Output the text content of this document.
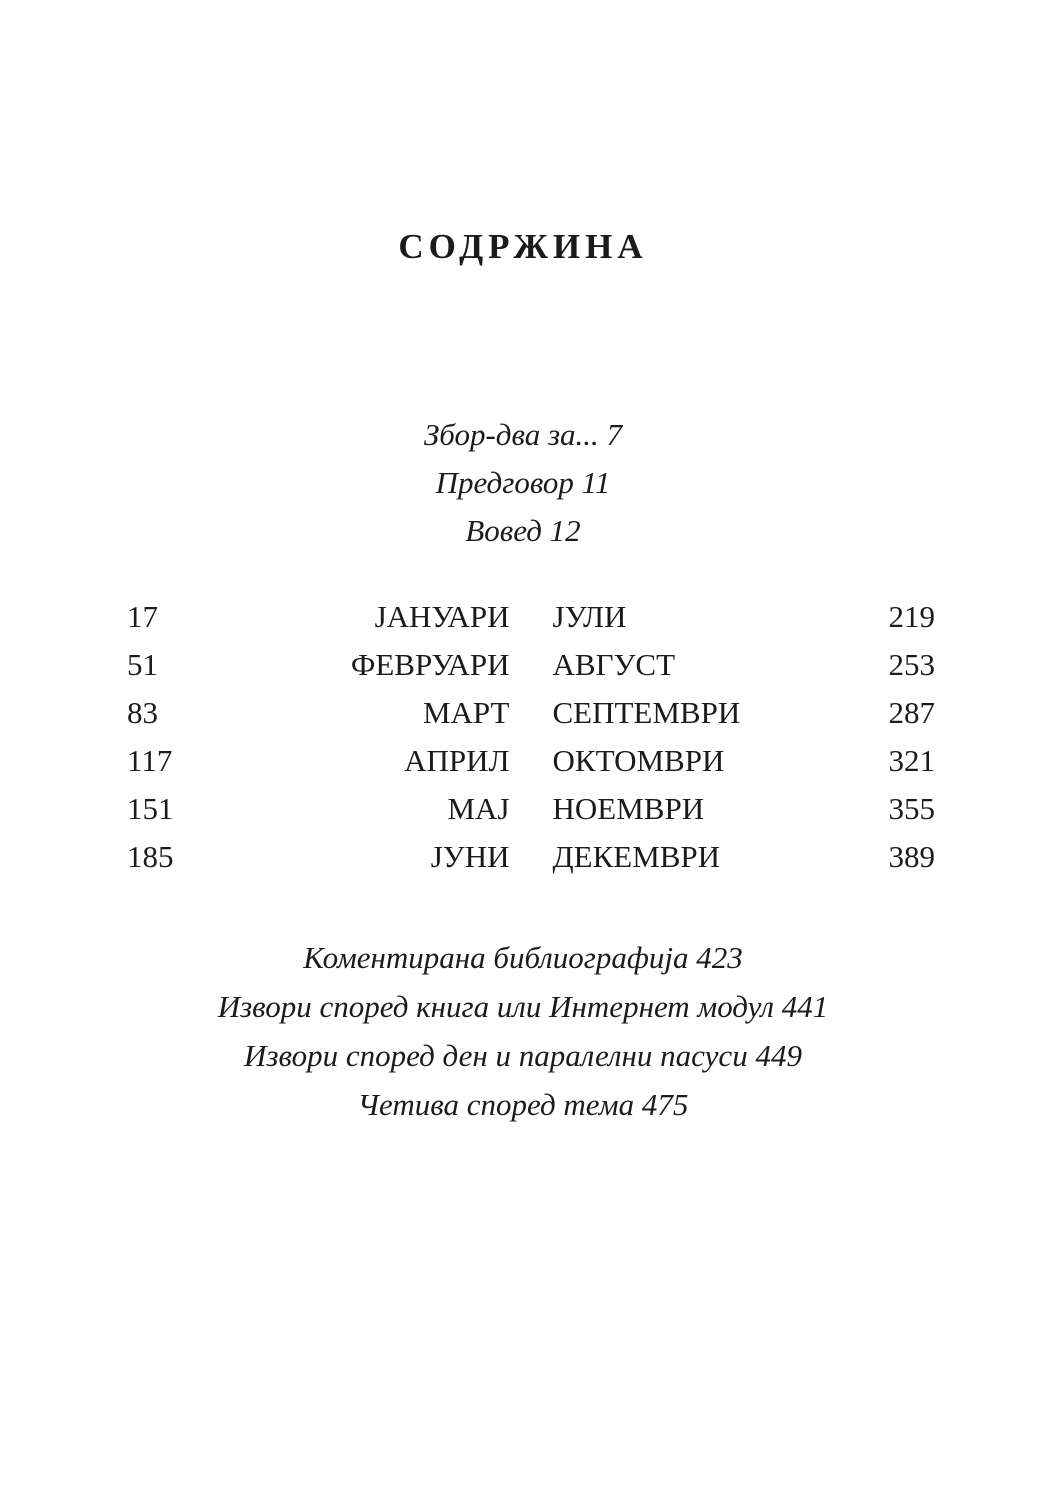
СОДРЖИНА
Збор-два за... 7
Предговор 11
Вовед 12
17	ЈАНУАРИ	ЈУЛИ	219
51	ФЕВРУАРИ	АВГУСТ	253
83	МАРТ	СЕПТЕМВРИ	287
117	АПРИЛ	ОКТОМВРИ	321
151	МАЈ	НОЕМВРИ	355
185	ЈУНИ	ДЕКЕМВРИ	389
Коментирана библиографија 423
Извори според книга или Интернет модул 441
Извори според ден и паралелни пасуси 449
Четива според тема 475
